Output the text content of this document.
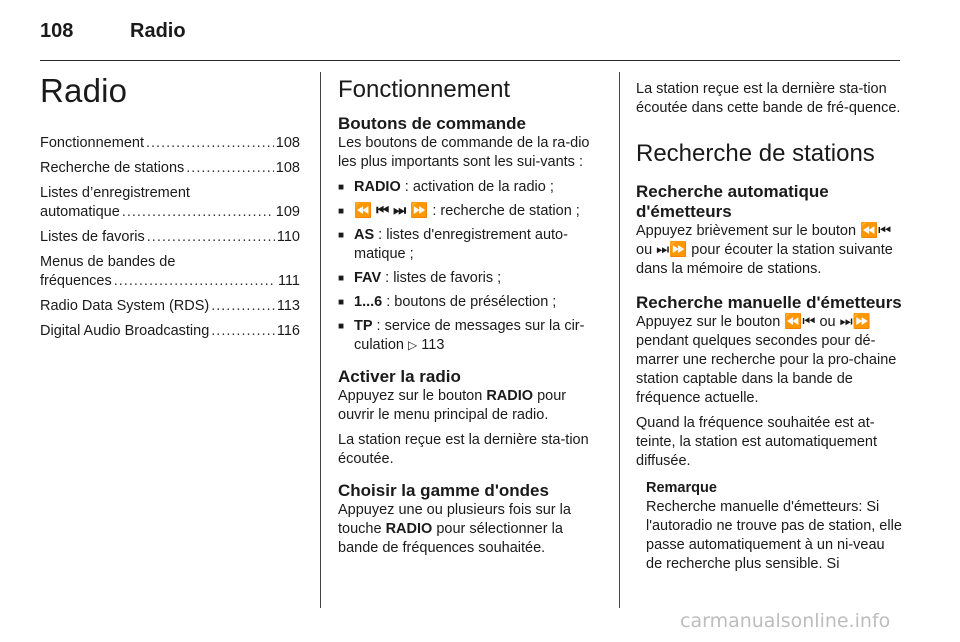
108	Radio
Radio
Fonctionnement .....	108
Recherche de stations .....	108
Listes d’enregistrement
automatique .....	109
Listes de favoris .....	110
Menus de bandes de
fréquences .....	111
Radio Data System (RDS) .....	113
Digital Audio Broadcasting .....	116
Fonctionnement
Boutons de commande

Les boutons de commande de la ra-dio les plus importants sont les sui-vants :

■ RADIO : activation de la radio ;
■ ⏪ ⏮ ⏭ ⏩ : recherche de station ;
■ AS : listes d'enregistrement auto-matique ;
■ FAV : listes de favoris ;
■ 1...6 : boutons de présélection ;
■ TP : service de messages sur la cir-culation ▷ 113
Activer la radio

Appuyez sur le bouton RADIO pour ouvrir le menu principal de radio.

La station reçue est la dernière sta-tion écoutée.

Choisir la gamme d'ondes

Appuyez une ou plusieurs fois sur la touche RADIO pour sélectionner la bande de fréquences souhaitée.

La station reçue est la dernière sta-tion écoutée dans cette bande de fré-quence.

Recherche de stations
Recherche automatique d'émetteurs

Appuyez brièvement sur le bouton ⏪⏮ ou ⏭⏩ pour écouter la station suivante dans la mémoire de stations.

Recherche manuelle d'émetteurs

Appuyez sur le bouton ⏪⏮ ou ⏭⏩ pendant quelques secondes pour dé-marrer une recherche pour la pro-chaine station captable dans la bande de fréquence actuelle.

Quand la fréquence souhaitée est at-teinte, la station est automatiquement diffusée.

Remarque

Recherche manuelle d'émetteurs: Si l'autoradio ne trouve pas de station, elle passe automatiquement à un ni-veau de recherche plus sensible. Si

carmanualsonline.info
